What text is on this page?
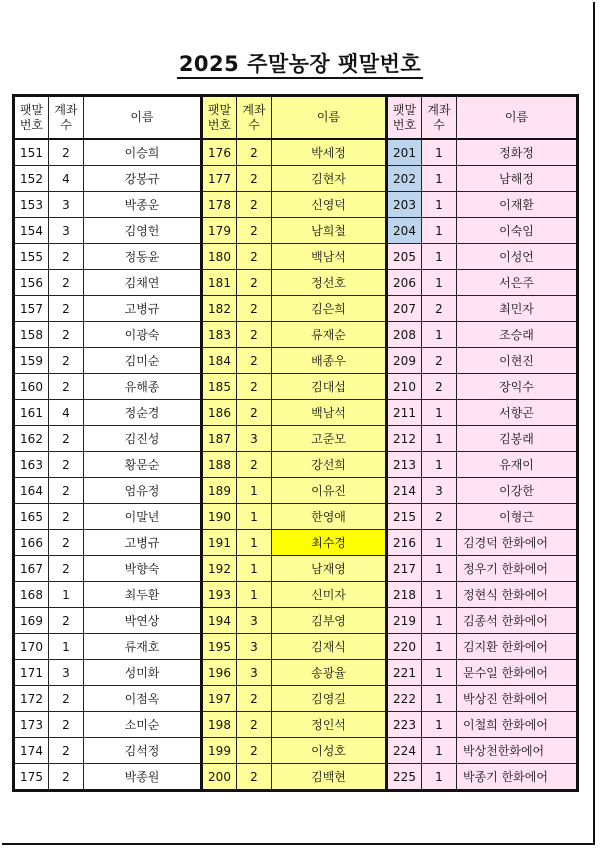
2025 주말농장 팻말번호
팻말
번호	계좌
수	이름	팻말
번호	계좌
수	이름	팻말
번호	계좌
수	이름
151	2	이승희	176	2	박세정	201	1	정화정
152	4	강봉규	177	2	김현자	202	1	남해정
153	3	박종운	178	2	신영덕	203	1	이재환
154	3	김영헌	179	2	남희철	204	1	이숙임
155	2	정동윤	180	2	백남석	205	1	이성언
156	2	김채연	181	2	정선호	206	1	서은주
157	2	고병규	182	2	김은희	207	2	최민자
158	2	이광숙	183	2	류재순	208	1	조승래
159	2	김미순	184	2	배종우	209	2	이현진
160	2	유해종	185	2	김대섭	210	2	장익수
161	4	정순경	186	2	백남석	211	1	서향곤
162	2	김진성	187	3	고준모	212	1	김봉래
163	2	황문순	188	2	강선희	213	1	유재이
164	2	엄유정	189	1	이유진	214	3	이강한
165	2	이말년	190	1	한영애	215	2	이형근
166	2	고병규	191	1	최수경	216	1	김경덕 한화에어
167	2	박향숙	192	1	남재영	217	1	정우기 한화에어
168	1	최두환	193	1	신미자	218	1	정현식 한화에어
169	2	박연상	194	3	김부영	219	1	김종석 한화에어
170	1	류재호	195	3	김재식	220	1	김지환 한화에어
171	3	성미화	196	3	송광율	221	1	문수일 한화에어
172	2	이점옥	197	2	김영길	222	1	박상진 한화에어
173	2	소미순	198	2	정인석	223	1	이철희 한화에어
174	2	김석정	199	2	이성호	224	1	박상천한화에어
175	2	박종원	200	2	김백현	225	1	박종기 한화에어
